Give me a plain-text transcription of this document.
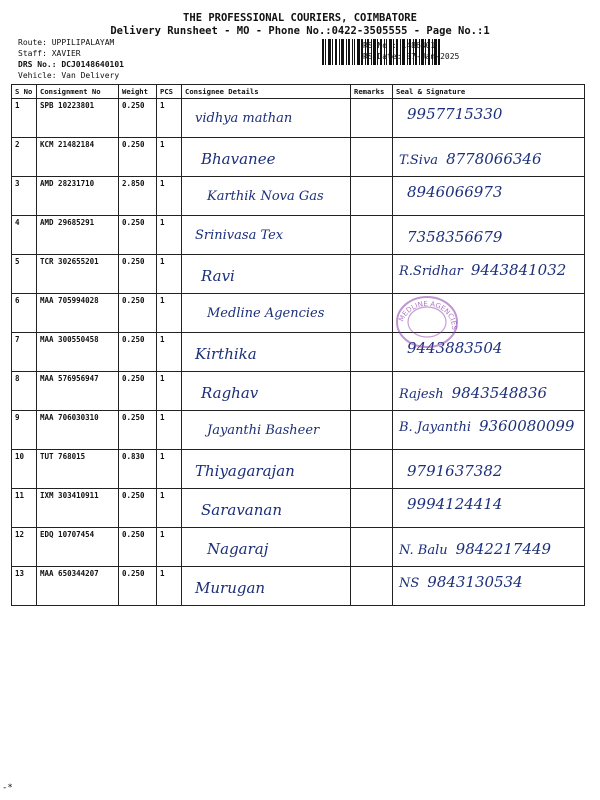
THE PROFESSIONAL COURIERS, COIMBATORE
Delivery Runsheet - MO - Phone No.:0422-3505555 - Page No.:1
Route: UPPILIPALAYAM
Staff: XAVIER
DRS No.: DCJ0148640101
Vehicle: Van Delivery
RS No.: 1486401
RS Date: 07-Jan-2025
S No	Consignment No	Weight	PCS	Consignee Details	Remarks	Seal & Signature
1	SPB 10223801	0.250	1	vidhya mathan		9957715330

2	KCM 21482184	0.250	1	Bhavanee		T.Siva 8778066346

3	AMD 28231710	2.850	1	Karthik Nova Gas		8946066973

4	AMD 29685291	0.250	1	Srinivasa Tex		7358356679

5	TCR 302655201	0.250	1	Ravi		R.Sridhar 9443841032

6	MAA 705994028	0.250	1	Medline Agencies		

7	MAA 300550458	0.250	1	Kirthika		9443883504

8	MAA 576956947	0.250	1	Raghav		Rajesh 9843548836

9	MAA 706030310	0.250	1	Jayanthi Basheer		B. Jayanthi 9360080099

10	TUT 768015	0.830	1	Thiyagarajan		9791637382

11	IXM 303410911	0.250	1	Saravanan		9994124414

12	EDQ 10707454	0.250	1	Nagaraj		N. Balu 9842217449

13	MAA 650344207	0.250	1	Murugan		NS 9843130534
MEDLINE AGENCIES
-*
